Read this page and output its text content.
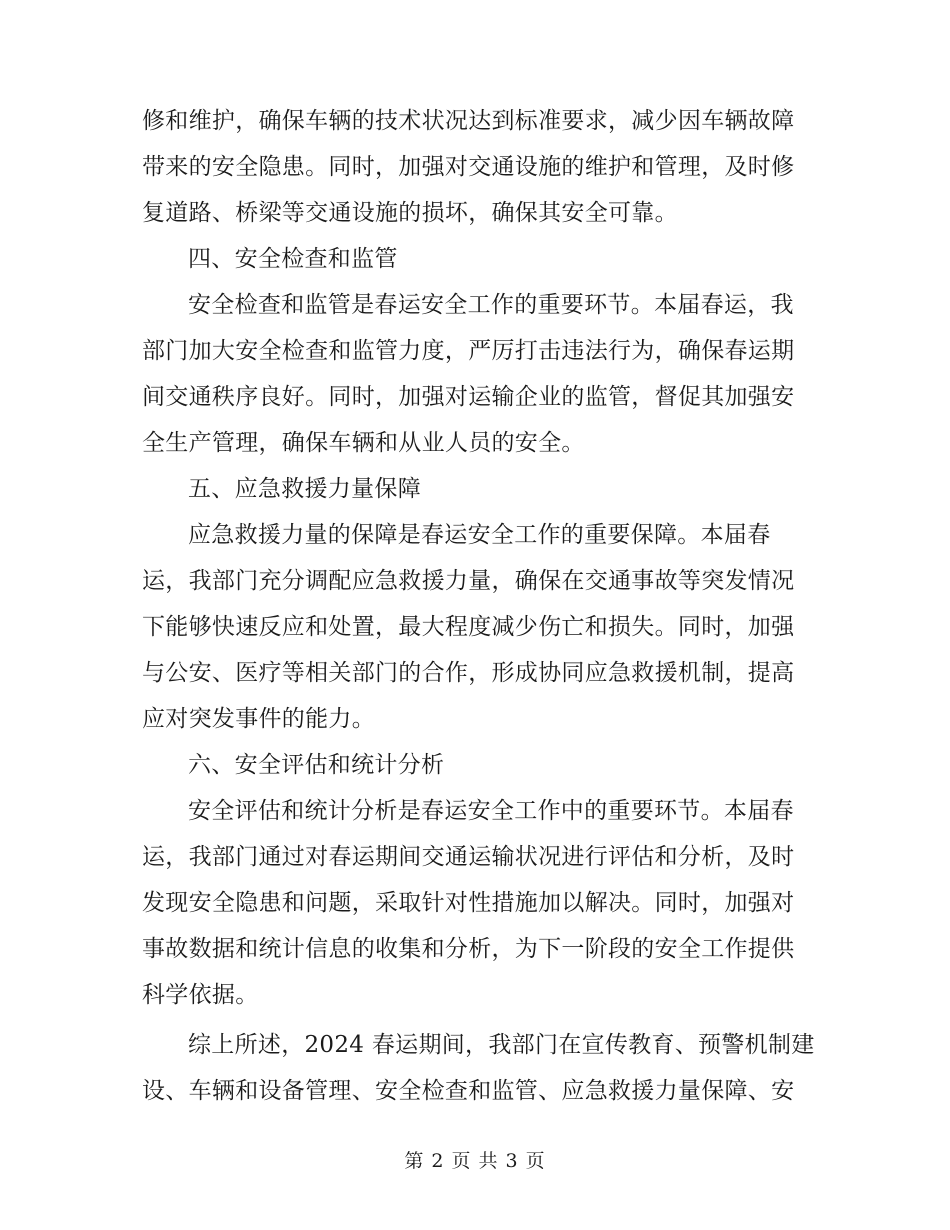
修和维护，确保车辆的技术状况达到标准要求，减少因车辆故障
带来的安全隐患。同时，加强对交通设施的维护和管理，及时修
复道路、桥梁等交通设施的损坏，确保其安全可靠。
四、安全检查和监管
安全检查和监管是春运安全工作的重要环节。本届春运，我
部门加大安全检查和监管力度，严厉打击违法行为，确保春运期
间交通秩序良好。同时，加强对运输企业的监管，督促其加强安
全生产管理，确保车辆和从业人员的安全。
五、应急救援力量保障
应急救援力量的保障是春运安全工作的重要保障。本届春
运，我部门充分调配应急救援力量，确保在交通事故等突发情况
下能够快速反应和处置，最大程度减少伤亡和损失。同时，加强
与公安、医疗等相关部门的合作，形成协同应急救援机制，提高
应对突发事件的能力。
六、安全评估和统计分析
安全评估和统计分析是春运安全工作中的重要环节。本届春
运，我部门通过对春运期间交通运输状况进行评估和分析，及时
发现安全隐患和问题，采取针对性措施加以解决。同时，加强对
事故数据和统计信息的收集和分析，为下一阶段的安全工作提供
科学依据。
综上所述，2024 春运期间，我部门在宣传教育、预警机制建
设、车辆和设备管理、安全检查和监管、应急救援力量保障、安
第 2 页 共 3 页
